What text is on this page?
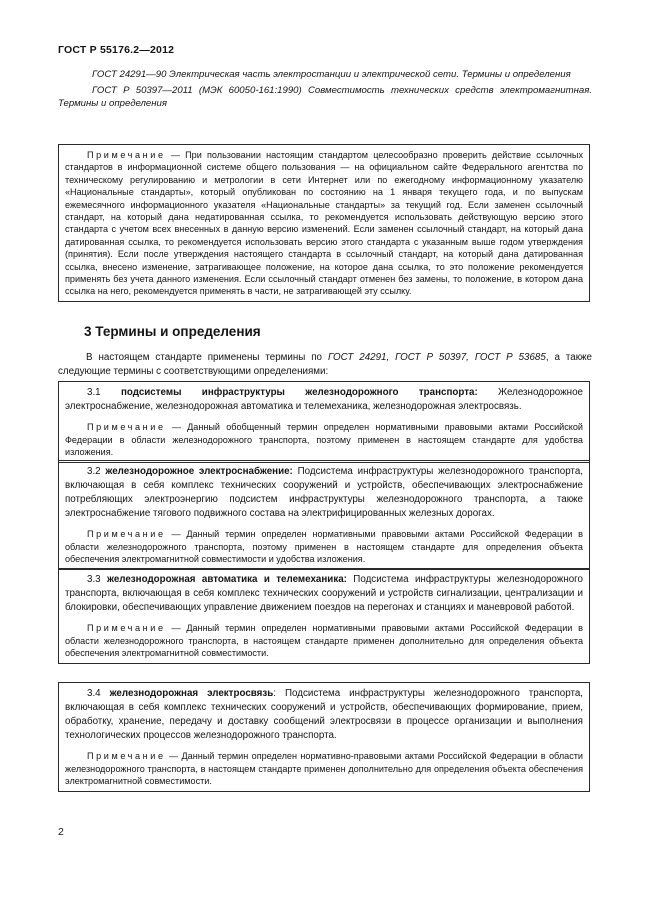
ГОСТ Р 55176.2—2012

ГОСТ 24291—90 Электрическая часть электростанции и электрической сети. Термины и определения

ГОСТ Р 50397—2011 (МЭК 60050-161:1990) Совместимость технических средств электромагнитная. Термины и определения

Примечание — При пользовании настоящим стандартом целесообразно проверить действие ссылочных стандартов в информационной системе общего пользования — на официальном сайте Федерального агентства по техническому регулированию и метрологии в сети Интернет или по ежегодному информационному указателю «Национальные стандарты», который опубликован по состоянию на 1 января текущего года, и по выпускам ежемесячного информационного указателя «Национальные стандарты» за текущий год. Если заменен ссылочный стандарт, на который дана недатированная ссылка, то рекомендуется использовать действующую версию этого стандарта с учетом всех внесенных в данную версию изменений. Если заменен ссылочный стандарт, на который дана датированная ссылка, то рекомендуется использовать версию этого стандарта с указанным выше годом утверждения (принятия). Если после утверждения настоящего стандарта в ссылочный стандарт, на который дана датированная ссылка, внесено изменение, затрагивающее положение, на которое дана ссылка, то это положение рекомендуется применять без учета данного изменения. Если ссылочный стандарт отменен без замены, то положение, в котором дана ссылка на него, рекомендуется применять в части, не затрагивающей эту ссылку.

3 Термины и определения

В настоящем стандарте применены термины по ГОСТ 24291, ГОСТ Р 50397, ГОСТ Р 53685, а также следующие термины с соответствующими определениями:

3.1 подсистемы инфраструктуры железнодорожного транспорта: Железнодорожное электроснабжение, железнодорожная автоматика и телемеханика, железнодорожная электросвязь.

Примечание — Данный обобщенный термин определен нормативными правовыми актами Российской Федерации в области железнодорожного транспорта, поэтому применен в настоящем стандарте для удобства изложения.

3.2 железнодорожное электроснабжение: Подсистема инфраструктуры железнодорожного транспорта, включающая в себя комплекс технических сооружений и устройств, обеспечивающих электроснабжение потребляющих электроэнергию подсистем инфраструктуры железнодорожного транспорта, а также электроснабжение тягового подвижного состава на электрифицированных железных дорогах.

Примечание — Данный термин определен нормативными правовыми актами Российской Федерации в области железнодорожного транспорта, поэтому применен в настоящем стандарте для определения объекта обеспечения электромагнитной совместимости и удобства изложения.

3.3 железнодорожная автоматика и телемеханика: Подсистема инфраструктуры железнодорожного транспорта, включающая в себя комплекс технических сооружений и устройств сигнализации, централизации и блокировки, обеспечивающих управление движением поездов на перегонах и станциях и маневровой работой.

Примечание — Данный термин определен нормативными правовыми актами Российской Федерации в области железнодорожного транспорта, в настоящем стандарте применен дополнительно для определения объекта обеспечения электромагнитной совместимости.

3.4 железнодорожная электросвязь: Подсистема инфраструктуры железнодорожного транспорта, включающая в себя комплекс технических сооружений и устройств, обеспечивающих формирование, прием, обработку, хранение, передачу и доставку сообщений электросвязи в процессе организации и выполнения технологических процессов железнодорожного транспорта.

Примечание — Данный термин определен нормативно-правовыми актами Российской Федерации в области железнодорожного транспорта, в настоящем стандарте применен дополнительно для определения объекта обеспечения электромагнитной совместимости.

2
